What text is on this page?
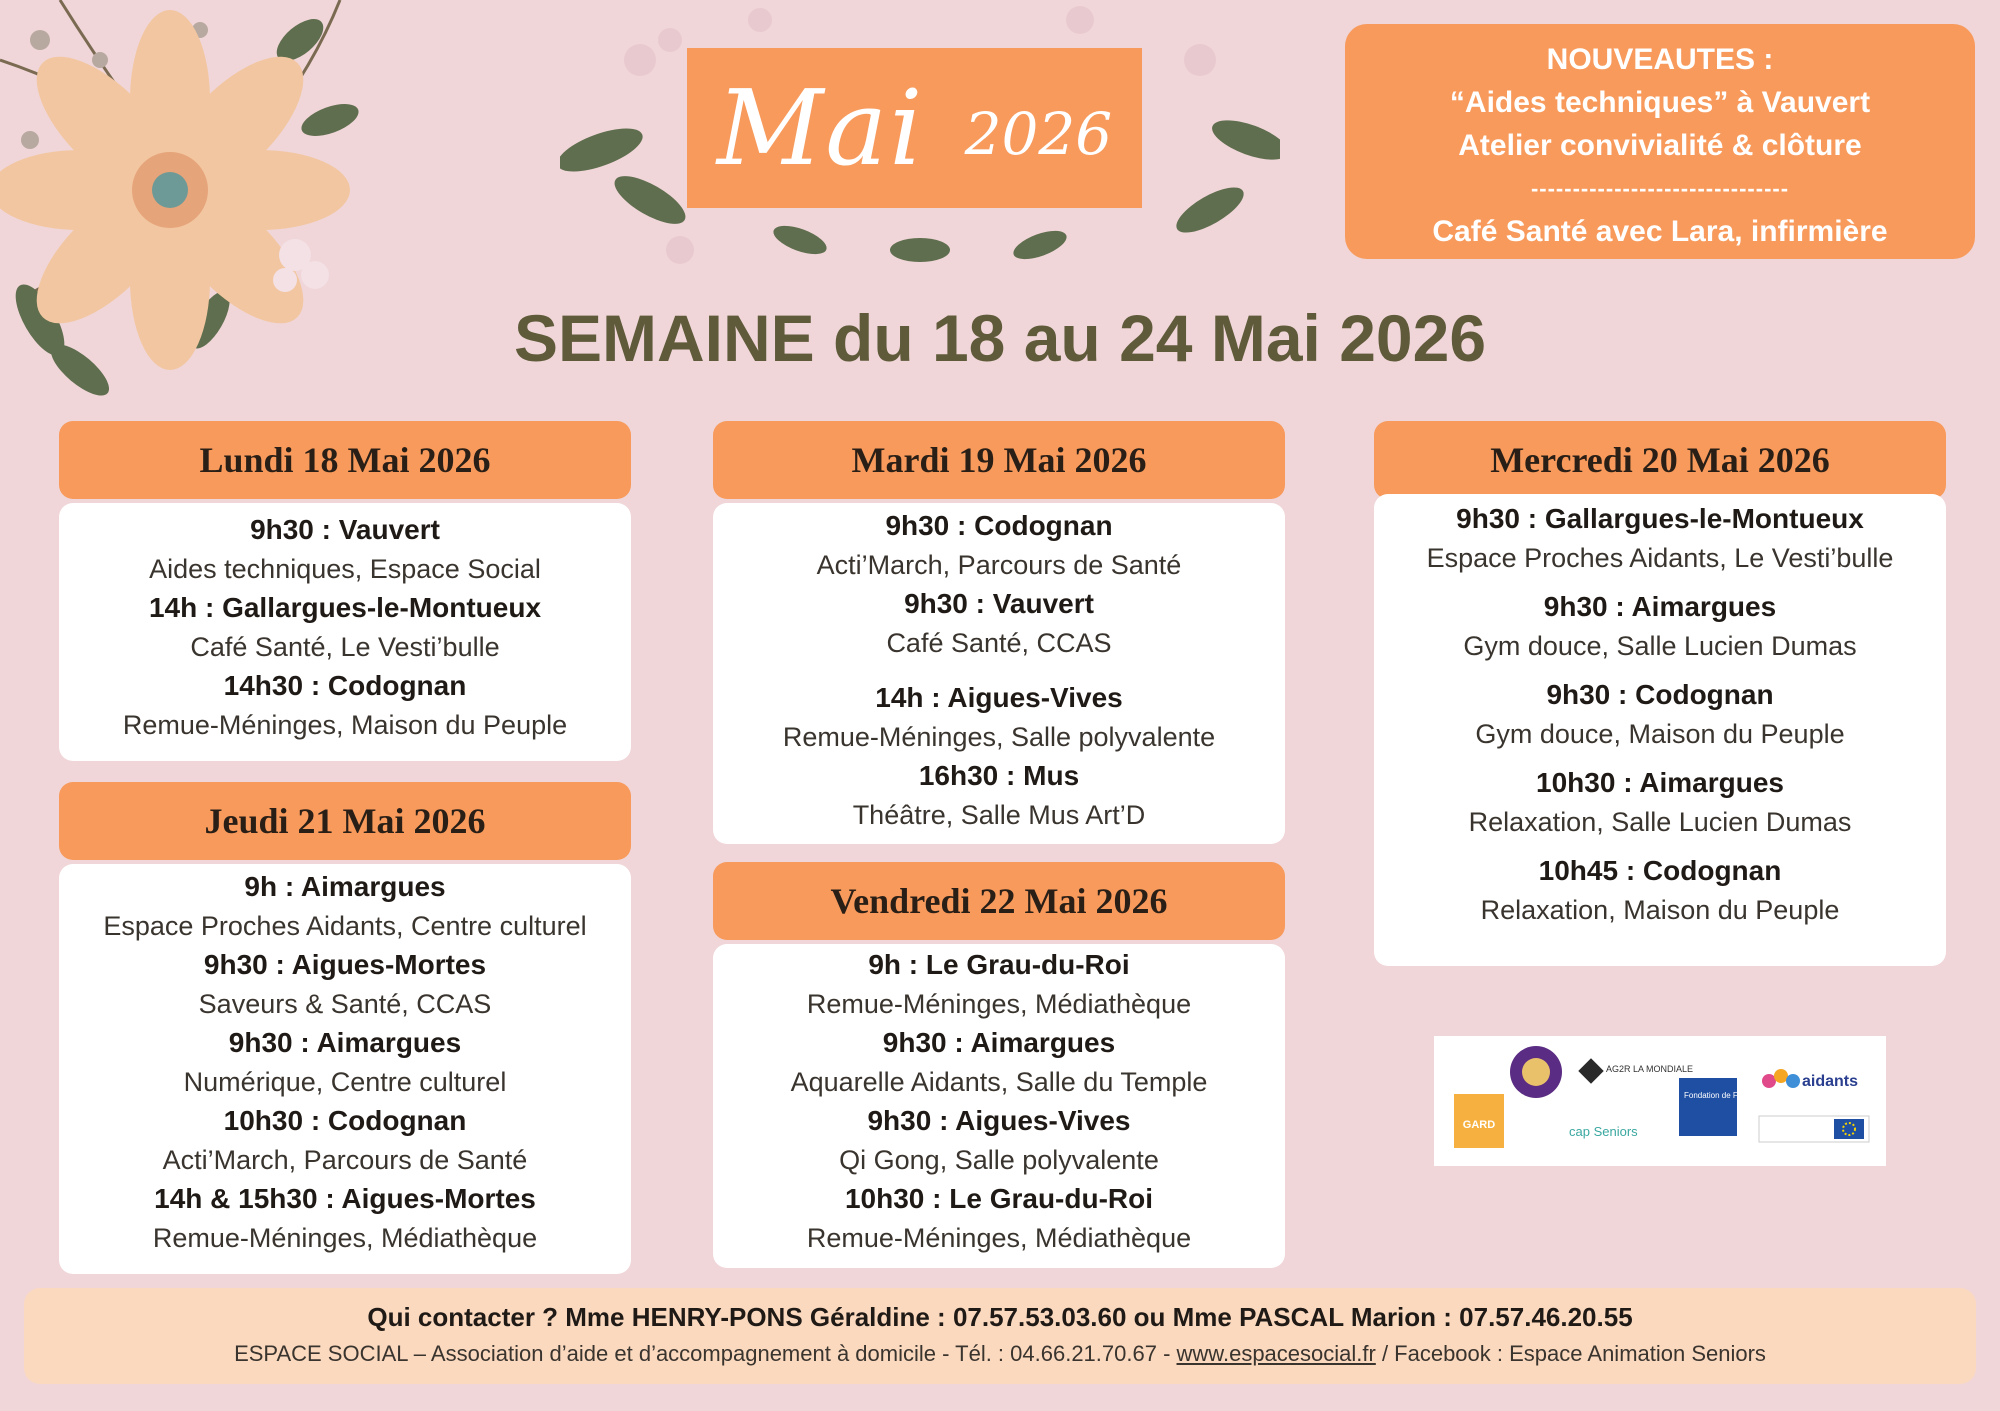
Mai 2026
NOUVEAUTES :
“Aides techniques” à Vauvert
Atelier convivialité & clôture
-------------------------------
Café Santé avec Lara, infirmière
SEMAINE du 18 au 24 Mai 2026
Lundi 18 Mai 2026
9h30 : Vauvert
Aides techniques, Espace Social
14h : Gallargues-le-Montueux
Café Santé, Le Vesti’bulle
14h30 : Codognan
Remue-Méninges, Maison du Peuple
Jeudi 21 Mai 2026
9h : Aimargues
Espace Proches Aidants, Centre culturel
9h30 : Aigues-Mortes
Saveurs & Santé, CCAS
9h30 : Aimargues
Numérique, Centre culturel
10h30 : Codognan
Acti’March, Parcours de Santé
14h & 15h30 : Aigues-Mortes
Remue-Méninges, Médiathèque
Mardi 19 Mai 2026
9h30 : Codognan
Acti’March, Parcours de Santé
9h30 : Vauvert
Café Santé, CCAS
14h : Aigues-Vives
Remue-Méninges, Salle polyvalente
16h30 : Mus
Théâtre, Salle Mus Art’D
Vendredi 22 Mai 2026
9h : Le Grau-du-Roi
Remue-Méninges, Médiathèque
9h30 : Aimargues
Aquarelle Aidants, Salle du Temple
9h30 : Aigues-Vives
Qi Gong, Salle polyvalente
10h30 : Le Grau-du-Roi
Remue-Méninges, Médiathèque
Mercredi 20 Mai 2026
9h30 : Gallargues-le-Montueux
Espace Proches Aidants, Le Vesti’bulle
9h30 : Aimargues
Gym douce, Salle Lucien Dumas
9h30 : Codognan
Gym douce, Maison du Peuple
10h30 : Aimargues
Relaxation, Salle Lucien Dumas
10h45 : Codognan
Relaxation, Maison du Peuple
GARD
AG2R LA MONDIALE
Fondation de France
aidants
cap Seniors
Qui contacter ? Mme HENRY-PONS Géraldine : 07.57.53.03.60 ou Mme PASCAL Marion : 07.57.46.20.55
ESPACE SOCIAL – Association d’aide et d’accompagnement à domicile - Tél. : 04.66.21.70.67 - www.espacesocial.fr / Facebook : Espace Animation Seniors
